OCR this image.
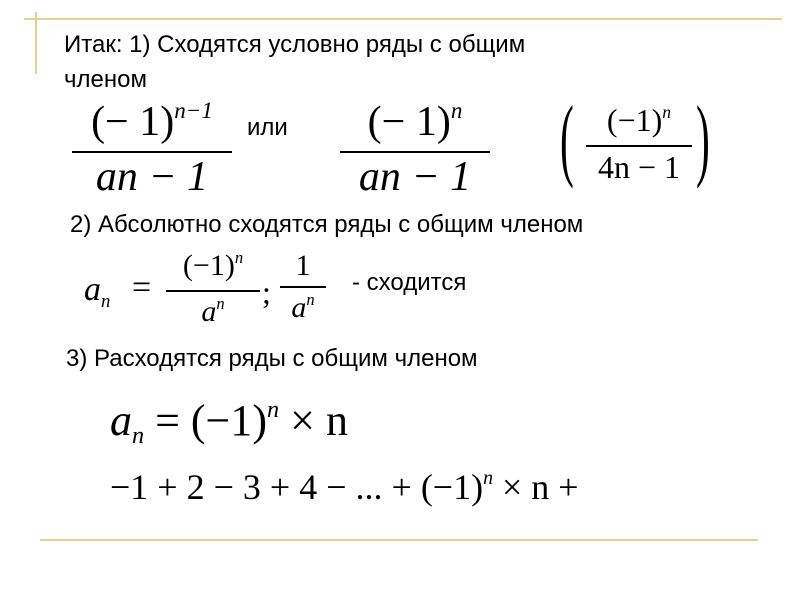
Итак: 1) Сходятся условно ряды с общим
членом
(− 1)$^{n-1}$
an − 1
или (− 1)$^n$
an − 1 ( $(-1)^n$
4n − 1 )
2) Абсолютно сходятся ряды с общим членом
an =
$(-1)^n$
$a^n$ ;
1
$a^n$
- сходится
3) Расходятся ряды с общим членом
an = $(-1)^n \times n$
−1 + 2 − 3 + 4 − ... + $(-1)^n \times n$ +
